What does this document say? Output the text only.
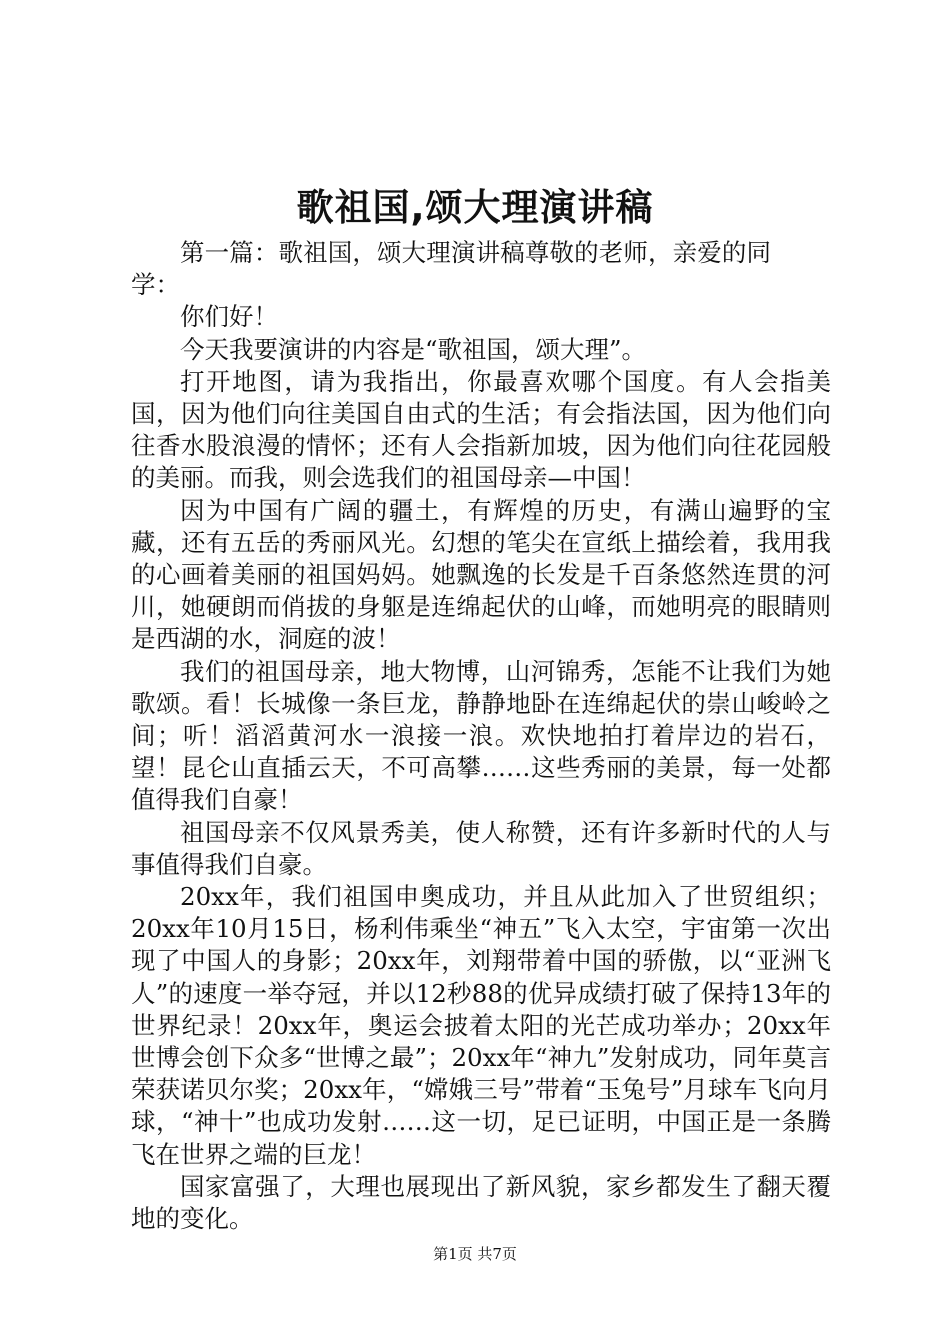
歌祖国,颂大理演讲稿

第一篇：歌祖国，颂大理演讲稿尊敬的老师，亲爱的同学：

你们好！

今天我要演讲的内容是“歌祖国，颂大理”。

打开地图，请为我指出，你最喜欢哪个国度。有人会指美国，因为他们向往美国自由式的生活；有会指法国，因为他们向往香水股浪漫的情怀；还有人会指新加坡，因为他们向往花园般的美丽。而我，则会选我们的祖国母亲—中国！

因为中国有广阔的疆土，有辉煌的历史，有满山遍野的宝藏，还有五岳的秀丽风光。幻想的笔尖在宣纸上描绘着，我用我的心画着美丽的祖国妈妈。她飘逸的长发是千百条悠然连贯的河川，她硬朗而俏拔的身躯是连绵起伏的山峰，而她明亮的眼睛则是西湖的水，洞庭的波！

我们的祖国母亲，地大物博，山河锦秀，怎能不让我们为她歌颂。看！长城像一条巨龙，静静地卧在连绵起伏的崇山峻岭之间；听！滔滔黄河水一浪接一浪。欢快地拍打着岸边的岩石，望！昆仑山直插云天，不可高攀……这些秀丽的美景，每一处都值得我们自豪！

祖国母亲不仅风景秀美，使人称赞，还有许多新时代的人与事值得我们自豪。

20xx年，我们祖国申奥成功，并且从此加入了世贸组织；20xx年10月15日，杨利伟乘坐“神五”飞入太空，宇宙第一次出现了中国人的身影；20xx年，刘翔带着中国的骄傲，以“亚洲飞人”的速度一举夺冠，并以12秒88的优异成绩打破了保持13年的世界纪录！20xx年，奥运会披着太阳的光芒成功举办；20xx年世博会创下众多“世博之最”；20xx年“神九”发射成功，同年莫言荣获诺贝尔奖；20xx年，“嫦娥三号”带着“玉兔号”月球车飞向月球，“神十”也成功发射……这一切，足已证明，中国正是一条腾飞在世界之端的巨龙！

国家富强了，大理也展现出了新风貌，家乡都发生了翻天覆地的变化。

第1页 共7页
